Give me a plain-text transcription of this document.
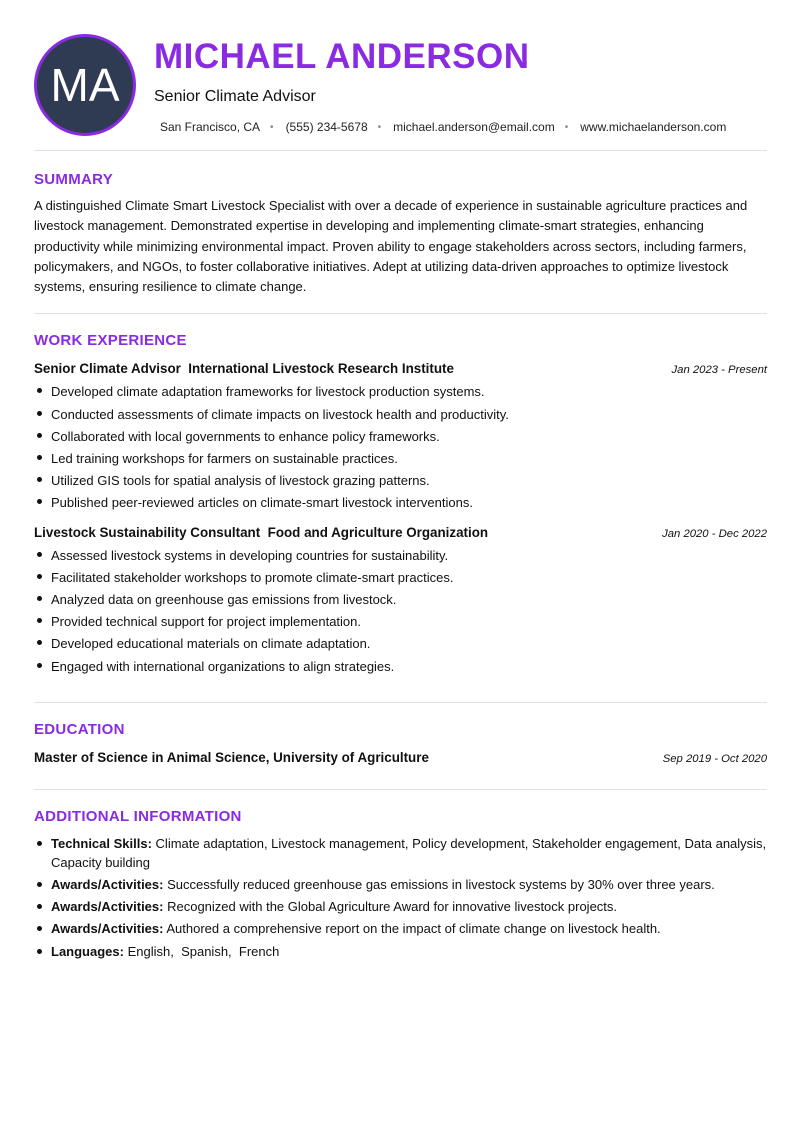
MA
MICHAEL ANDERSON
Senior Climate Advisor
San Francisco, CA • (555) 234-5678 • michael.anderson@email.com • www.michaelanderson.com
SUMMARY

A distinguished Climate Smart Livestock Specialist with over a decade of experience in sustainable agriculture practices and livestock management. Demonstrated expertise in developing and implementing climate-smart strategies, enhancing productivity while minimizing environmental impact. Proven ability to engage stakeholders across sectors, including farmers, policymakers, and NGOs, to foster collaborative initiatives. Adept at utilizing data-driven approaches to optimize livestock systems, ensuring resilience to climate change.

WORK EXPERIENCE
Senior Climate Advisor  International Livestock Research Institute	Jan 2023 - Present
Developed climate adaptation frameworks for livestock production systems.
Conducted assessments of climate impacts on livestock health and productivity.
Collaborated with local governments to enhance policy frameworks.
Led training workshops for farmers on sustainable practices.
Utilized GIS tools for spatial analysis of livestock grazing patterns.
Published peer-reviewed articles on climate-smart livestock interventions.
Livestock Sustainability Consultant  Food and Agriculture Organization	Jan 2020 - Dec 2022
Assessed livestock systems in developing countries for sustainability.
Facilitated stakeholder workshops to promote climate-smart practices.
Analyzed data on greenhouse gas emissions from livestock.
Provided technical support for project implementation.
Developed educational materials on climate adaptation.
Engaged with international organizations to align strategies.
EDUCATION
Master of Science in Animal Science, University of Agriculture	Sep 2019 - Oct 2020
ADDITIONAL INFORMATION
Technical Skills: Climate adaptation, Livestock management, Policy development, Stakeholder engagement, Data analysis, Capacity building
Awards/Activities: Successfully reduced greenhouse gas emissions in livestock systems by 30% over three years.
Awards/Activities: Recognized with the Global Agriculture Award for innovative livestock projects.
Awards/Activities: Authored a comprehensive report on the impact of climate change on livestock health.
Languages: English,  Spanish,  French
